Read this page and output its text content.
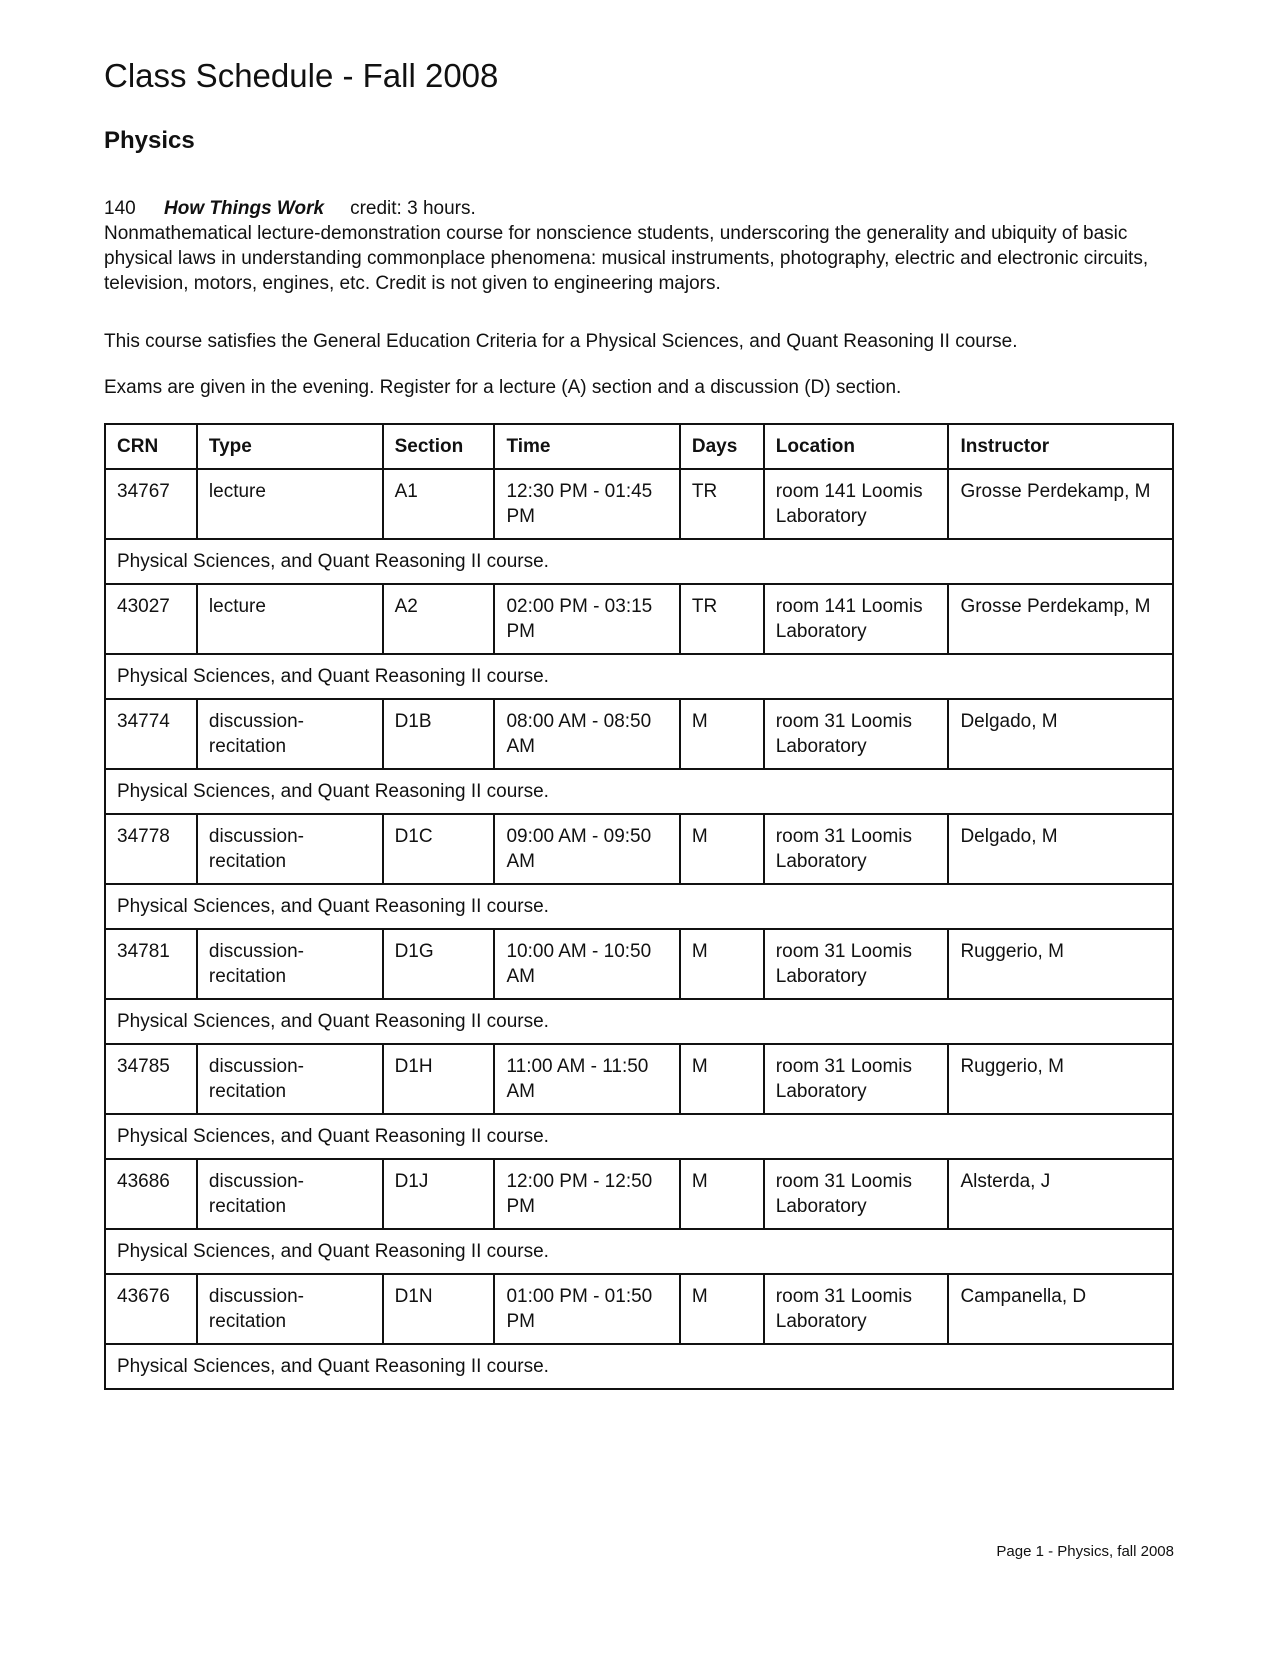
Class Schedule - Fall 2008
Physics
140 How Things Work credit: 3 hours.

Nonmathematical lecture-demonstration course for nonscience students, underscoring the generality and ubiquity of basic physical laws in understanding commonplace phenomena: musical instruments, photography, electric and electronic circuits, television, motors, engines, etc. Credit is not given to engineering majors.

This course satisfies the General Education Criteria for a Physical Sciences, and Quant Reasoning II course.

Exams are given in the evening. Register for a lecture (A) section and a discussion (D) section.

CRN	Type	Section	Time	Days	Location	Instructor
34767	lecture	A1	12:30 PM - 01:45 PM	TR	room 141 Loomis Laboratory	Grosse Perdekamp, M
Physical Sciences, and Quant Reasoning II course.						
43027	lecture	A2	02:00 PM - 03:15 PM	TR	room 141 Loomis Laboratory	Grosse Perdekamp, M
Physical Sciences, and Quant Reasoning II course.						
34774	discussion-recitation	D1B	08:00 AM - 08:50 AM	M	room 31 Loomis Laboratory	Delgado, M
Physical Sciences, and Quant Reasoning II course.						
34778	discussion-recitation	D1C	09:00 AM - 09:50 AM	M	room 31 Loomis Laboratory	Delgado, M
Physical Sciences, and Quant Reasoning II course.						
34781	discussion-recitation	D1G	10:00 AM - 10:50 AM	M	room 31 Loomis Laboratory	Ruggerio, M
Physical Sciences, and Quant Reasoning II course.						
34785	discussion-recitation	D1H	11:00 AM - 11:50 AM	M	room 31 Loomis Laboratory	Ruggerio, M
Physical Sciences, and Quant Reasoning II course.						
43686	discussion-recitation	D1J	12:00 PM - 12:50 PM	M	room 31 Loomis Laboratory	Alsterda, J
Physical Sciences, and Quant Reasoning II course.						
43676	discussion-recitation	D1N	01:00 PM - 01:50 PM	M	room 31 Loomis Laboratory	Campanella, D
Physical Sciences, and Quant Reasoning II course.						
Page 1 - Physics, fall 2008
